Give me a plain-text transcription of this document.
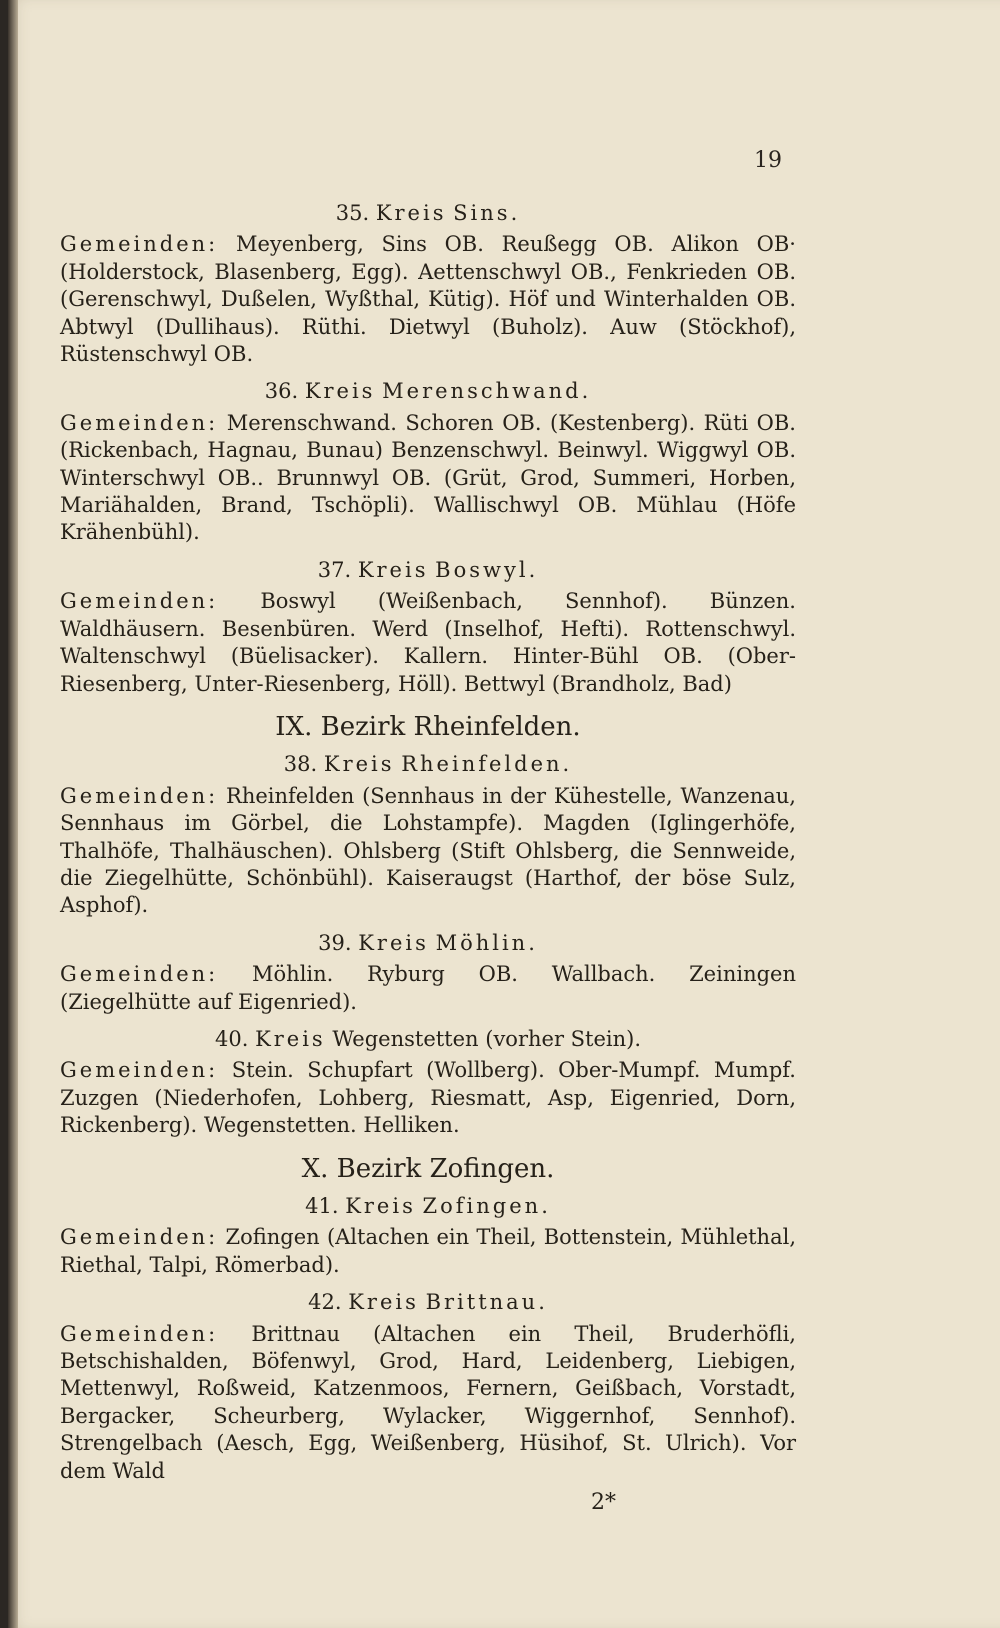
19
35. Kreis Sins.
Gemeinden: Meyenberg, Sins OB. Reußegg OB. Alikon OB· (Holderstock, Blasenberg, Egg). Aettenschwyl OB., Fenkrieden OB. (Gerenschwyl, Dußelen, Wyßthal, Kütig). Höf und Winterhalden OB. Abtwyl (Dullihaus). Rüthi. Dietwyl (Buholz). Auw (Stöckhof), Rüstenschwyl OB.
36. Kreis Merenschwand.
Gemeinden: Merenschwand. Schoren OB. (Kestenberg). Rüti OB. (Rickenbach, Hagnau, Bunau) Benzenschwyl. Beinwyl. Wiggwyl OB. Winterschwyl OB.. Brunnwyl OB. (Grüt, Grod, Summeri, Horben, Mariähalden, Brand, Tschöpli). Wallischwyl OB. Mühlau (Höfe Krähenbühl).
37. Kreis Boswyl.
Gemeinden: Boswyl (Weißenbach, Sennhof). Bünzen. Waldhäusern. Besenbüren. Werd (Inselhof, Hefti). Rottenschwyl. Waltenschwyl (Büelisacker). Kallern. Hinter-Bühl OB. (Ober-Riesenberg, Unter-Riesenberg, Höll). Bettwyl (Brandholz, Bad)
IX. Bezirk Rheinfelden.
38. Kreis Rheinfelden.
Gemeinden: Rheinfelden (Sennhaus in der Kühestelle, Wanzenau, Sennhaus im Görbel, die Lohstampfe). Magden (Iglingerhöfe, Thalhöfe, Thalhäuschen). Ohlsberg (Stift Ohlsberg, die Sennweide, die Ziegelhütte, Schönbühl). Kaiseraugst (Harthof, der böse Sulz, Asphof).
39. Kreis Möhlin.
Gemeinden: Möhlin. Ryburg OB. Wallbach. Zeiningen (Ziegelhütte auf Eigenried).
40. Kreis Wegenstetten (vorher Stein).
Gemeinden: Stein. Schupfart (Wollberg). Ober-Mumpf. Mumpf. Zuzgen (Niederhofen, Lohberg, Riesmatt, Asp, Eigenried, Dorn, Rickenberg). Wegenstetten. Helliken.
X. Bezirk Zofingen.
41. Kreis Zofingen.
Gemeinden: Zofingen (Altachen ein Theil, Bottenstein, Mühlethal, Riethal, Talpi, Römerbad).
42. Kreis Brittnau.
Gemeinden: Brittnau (Altachen ein Theil, Bruderhöfli, Betschishalden, Böfenwyl, Grod, Hard, Leidenberg, Liebigen, Mettenwyl, Roßweid, Katzenmoos, Fernern, Geißbach, Vorstadt, Bergacker, Scheurberg, Wylacker, Wiggernhof, Sennhof). Strengelbach (Aesch, Egg, Weißenberg, Hüsihof, St. Ulrich). Vor dem Wald
2*
